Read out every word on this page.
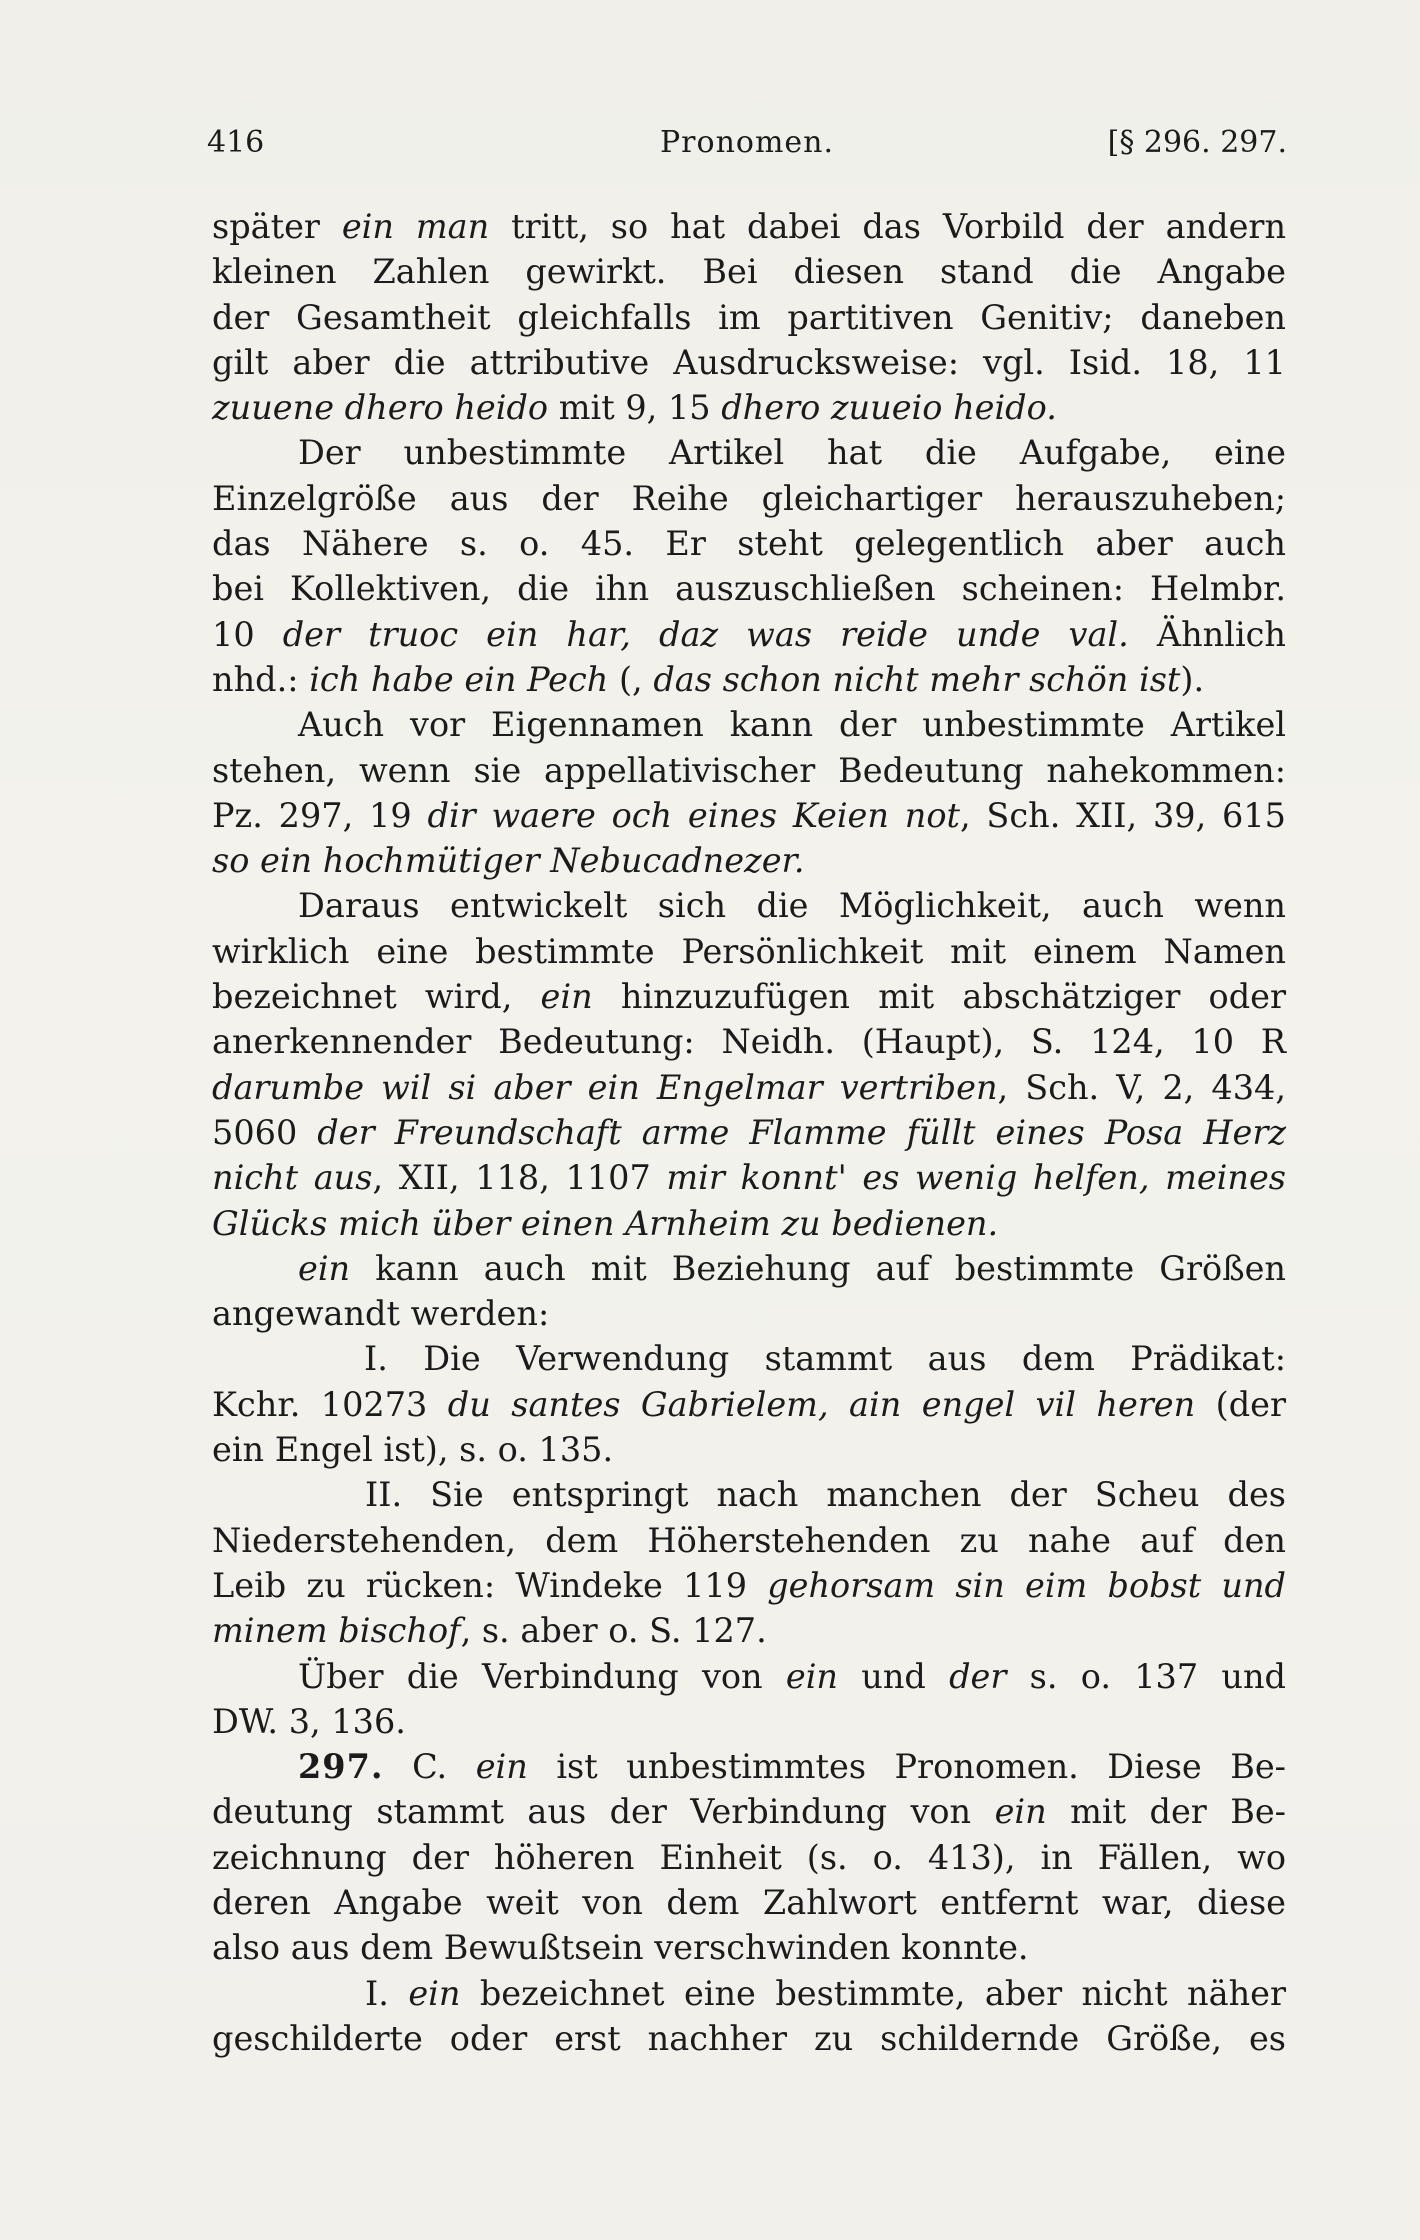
416	Pronomen.	[§ 296. 297.
später ein man tritt, so hat dabei das Vorbild der andern
kleinen Zahlen gewirkt. Bei diesen stand die Angabe
der Gesamtheit gleichfalls im partitiven Genitiv; daneben
gilt aber die attributive Ausdrucksweise: vgl. Isid. 18, 11
zuuene dhero heido mit 9, 15 dhero zuueio heido.
Der unbestimmte Artikel hat die Aufgabe, eine
Einzelgröße aus der Reihe gleichartiger herauszuheben;
das Nähere s. o. 45. Er steht gelegentlich aber auch
bei Kollektiven, die ihn auszuschließen scheinen: Helmbr.
10 der truoc ein har, daz was reide unde val. Ähnlich
nhd.: ich habe ein Pech (, das schon nicht mehr schön ist).
Auch vor Eigennamen kann der unbestimmte Artikel
stehen, wenn sie appellativischer Bedeutung nahekommen:
Pz. 297, 19 dir waere och eines Keien not, Sch. XII, 39, 615
so ein hochmütiger Nebucadnezer.
Daraus entwickelt sich die Möglichkeit, auch wenn
wirklich eine bestimmte Persönlichkeit mit einem Namen
bezeichnet wird, ein hinzuzufügen mit abschätziger oder
anerkennender Bedeutung: Neidh. (Haupt), S. 124, 10 R
darumbe wil si aber ein Engelmar vertriben, Sch. V, 2, 434,
5060 der Freundschaft arme Flamme füllt eines Posa Herz
nicht aus, XII, 118, 1107 mir konnt' es wenig helfen, meines
Glücks mich über einen Arnheim zu bedienen.
ein kann auch mit Beziehung auf bestimmte Größen
angewandt werden:
I. Die Verwendung stammt aus dem Prädikat:
Kchr. 10273 du santes Gabrielem, ain engel vil heren (der
ein Engel ist), s. o. 135.
II. Sie entspringt nach manchen der Scheu des
Niederstehenden, dem Höherstehenden zu nahe auf den
Leib zu rücken: Windeke 119 gehorsam sin eim bobst und
minem bischof, s. aber o. S. 127.
Über die Verbindung von ein und der s. o. 137 und
DW. 3, 136.
297. C. ein ist unbestimmtes Pronomen. Diese Be-
deutung stammt aus der Verbindung von ein mit der Be-
zeichnung der höheren Einheit (s. o. 413), in Fällen, wo
deren Angabe weit von dem Zahlwort entfernt war, diese
also aus dem Bewußtsein verschwinden konnte.
I. ein bezeichnet eine bestimmte, aber nicht näher
geschilderte oder erst nachher zu schildernde Größe, es
